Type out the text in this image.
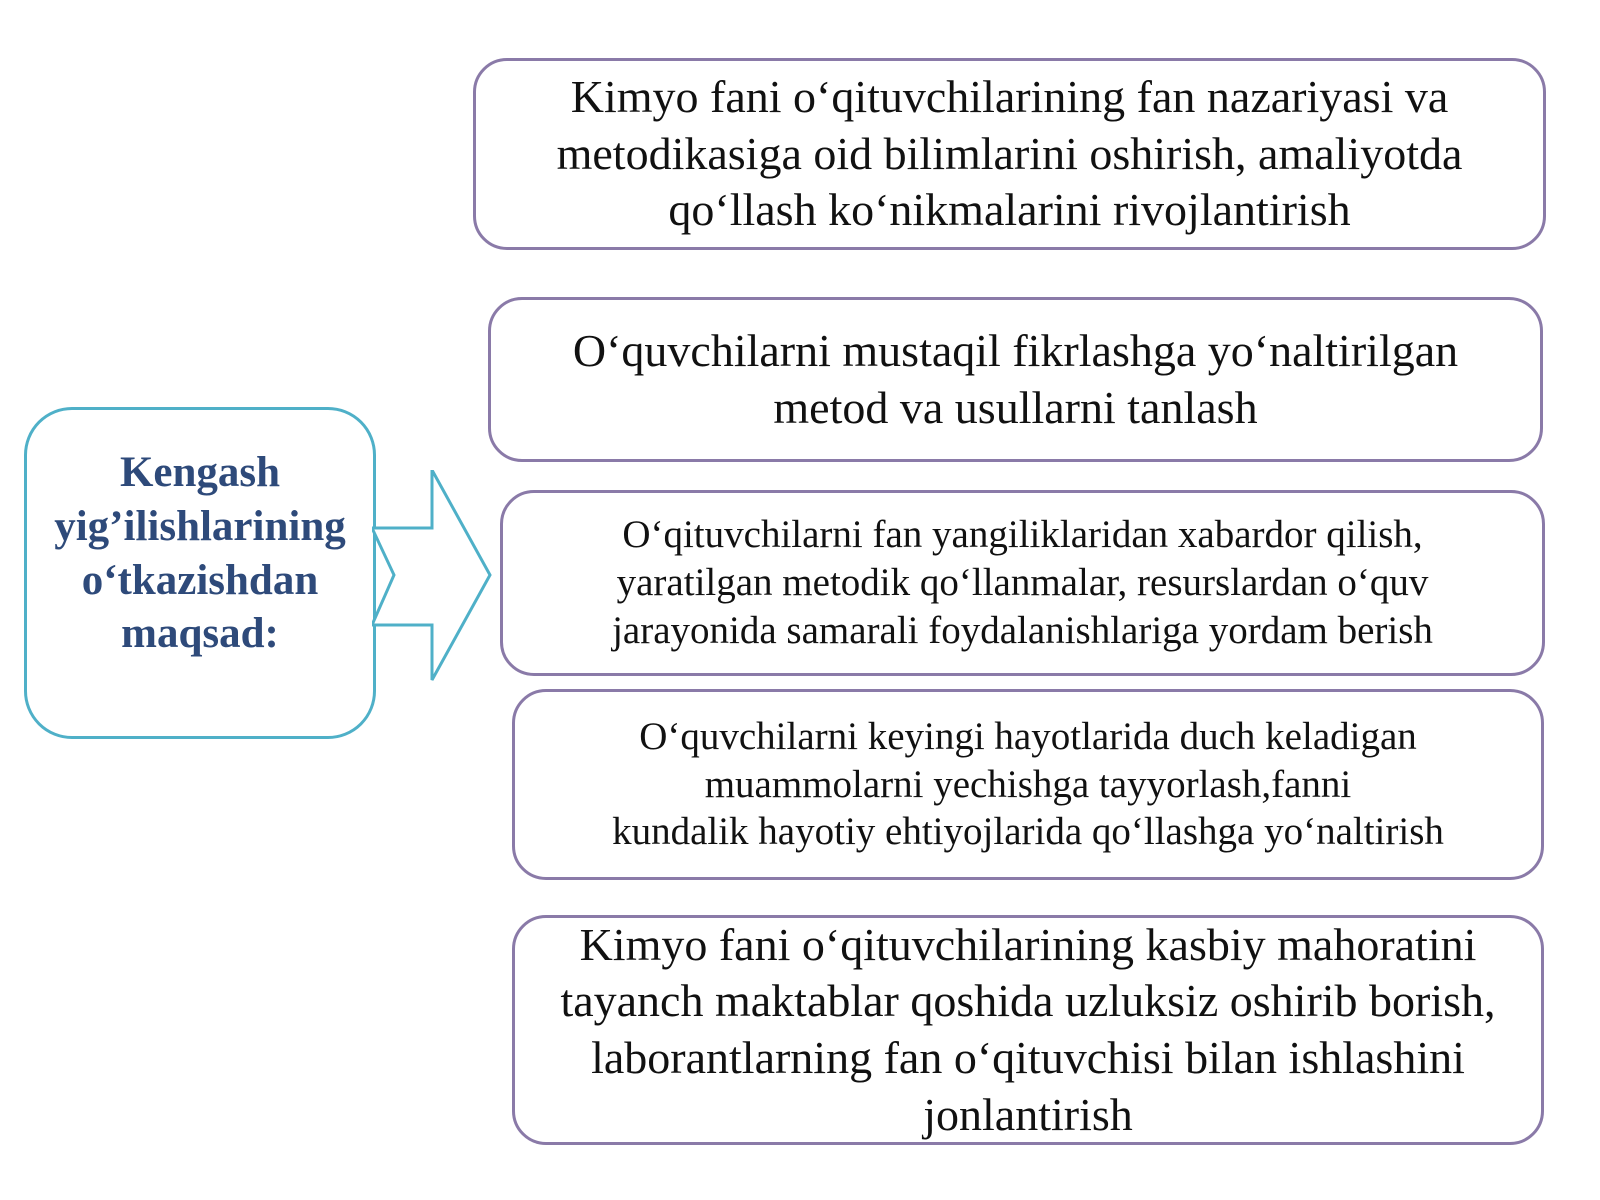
Kengash
yig’ilishlarining
o‘tkazishdan
maqsad:
Kimyo fani o‘qituvchilarining fan nazariyasi va
metodikasiga oid bilimlarini oshirish, amaliyotda
qo‘llash ko‘nikmalarini rivojlantirish
O‘quvchilarni mustaqil fikrlashga yo‘naltirilgan
metod va usullarni tanlash
O‘qituvchilarni fan yangiliklaridan xabardor qilish,
yaratilgan metodik qo‘llanmalar, resurslardan o‘quv
jarayonida samarali foydalanishlariga yordam berish
O‘quvchilarni keyingi hayotlarida duch keladigan
muammolarni yechishga tayyorlash,fanni
kundalik hayotiy ehtiyojlarida qo‘llashga yo‘naltirish
Kimyo fani o‘qituvchilarining kasbiy mahoratini
tayanch maktablar qoshida uzluksiz oshirib borish,
laborantlarning fan o‘qituvchisi bilan ishlashini
jonlantirish
